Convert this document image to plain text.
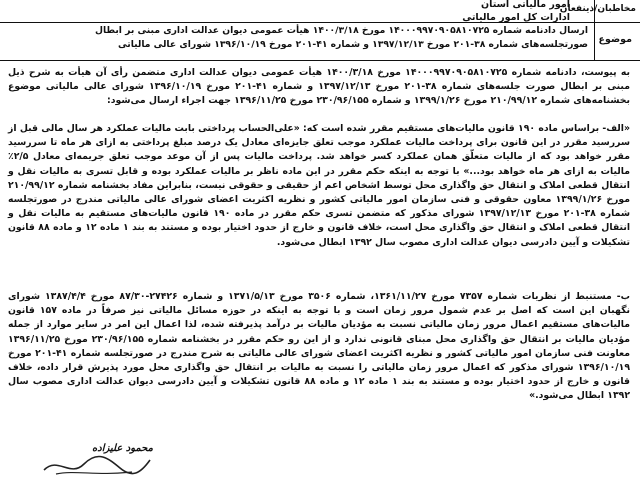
مخاطبان/ذینفعان
امور مالیاتی استان
ادارات کل امور مالیاتی
موضوع
ارسال دادنامه شماره ۱۴۰۰۰۹۹۷۰۹۰۵۸۱۰۷۲۵ مورخ ۱۴۰۰/۳/۱۸ هیأت عمومی دیوان عدالت اداری مبنی بر ابطال
صورتجلسه‌های شماره ۳۸-۲۰۱ مورخ ۱۳۹۷/۱۲/۱۳ و شماره ۴۱-۲۰۱ مورخ ۱۳۹۶/۱۰/۱۹ شورای عالی مالیاتی
به پیوست، دادنامه شماره ۱۴۰۰۰۹۹۷۰۹۰۵۸۱۰۷۲۵ مورخ ۱۴۰۰/۳/۱۸ هیأت عمومی دیوان عدالت اداری متضمن رأی آن هیأت به شرح ذیل مبنی بر ابطال صورت جلسه‌های شماره ۳۸-۲۰۱ مورخ ۱۳۹۷/۱۲/۱۳ و شماره ۴۱-۲۰۱ مورخ ۱۳۹۶/۱۰/۱۹ شورای عالی مالیاتی موضوع بخشنامه‌های شماره ۲۱۰/۹۹/۱۲ مورخ ۱۳۹۹/۱/۲۶ و شماره ۲۳۰/۹۶/۱۵۵ مورخ ۱۳۹۶/۱۱/۲۵ جهت اجراء ارسال می‌شود:
«الف- براساس ماده ۱۹۰ قانون مالیات‌های مستقیم مقرر شده است که: «علی‌الحساب پرداختی بابت مالیات عملکرد هر سال مالی قبل از سررسید مقرر در این قانون برای پرداخت مالیات عملکرد موجب تعلق جایزه‌ای معادل یک درصد مبلغ پرداختی به ازای هر ماه تا سررسید مقرر خواهد بود که از مالیات متعلّق همان عملکرد کسر خواهد شد. پرداخت مالیات پس از آن موعد موجب تعلق جریمه‌ای معادل ۲/۵٪ مالیات به ازای هر ماه خواهد بود...» با توجه به اینکه حکم مقرر در این ماده ناظر بر مالیات عملکرد بوده و قابل تسری به مالیات نقل و انتقال قطعی املاک و انتقال حق واگذاری محل توسط اشخاص اعم از حقیقی و حقوقی نیست، بنابراین مفاد بخشنامه شماره ۲۱۰/۹۹/۱۲ مورخ ۱۳۹۹/۱/۲۶ معاون حقوقی و فنی سازمان امور مالیاتی کشور و نظریه اکثریت اعضای شورای عالی مالیاتی مندرج در صورتجلسه شماره ۳۸-۲۰۱ مورخ ۱۳۹۷/۱۲/۱۳ شورای مذکور که متضمن تسری حکم مقرر در ماده ۱۹۰ قانون مالیات‌های مستقیم به مالیات نقل و انتقال قطعی املاک و انتقال حق واگذاری محل است، خلاف قانون و خارج از حدود اختیار بوده و مستند به بند ۱ ماده ۱۲ و ماده ۸۸ قانون تشکیلات و آیین دادرسی دیوان عدالت اداری مصوب سال ۱۳۹۲ ابطال می‌شود.
ب- مستنبط از نظریات شماره ۷۳۵۷ مورخ ۱۳۶۱/۱۱/۲۷، شماره ۳۵۰۶ مورخ ۱۳۷۱/۵/۱۳ و شماره ۲۷۴۲۶-۸۷/۳۰ مورخ ۱۳۸۷/۴/۴ شورای نگهبان این است که اصل بر عدم شمول مرور زمان است و با توجه به اینکه در حوزه مسائل مالیاتی نیز صرفاً در ماده ۱۵۷ قانون مالیات‌های مستقیم اعمال مرور زمان مالیاتی نسبت به مؤدیان مالیات بر درآمد پذیرفته شده، لذا اعمال این امر در سایر موارد از جمله مؤدیان مالیات بر انتقال حق واگذاری محل مبنای قانونی ندارد و از این رو حکم مقرر در بخشنامه شماره ۲۳۰/۹۶/۱۵۵ مورخ ۱۳۹۶/۱۱/۲۵ معاونت فنی سازمان امور مالیاتی کشور و نظریه اکثریت اعضای شورای عالی مالیاتی به شرح مندرج در صورتجلسه شماره ۴۱-۲۰۱ مورخ ۱۳۹۶/۱۰/۱۹ شورای مذکور که اعمال مرور زمان مالیاتی را نسبت به مالیات بر انتقال حق واگذاری محل مورد پذیرش قرار داده، خلاف قانون و خارج از حدود اختیار بوده و مستند به بند ۱ ماده ۱۲ و ماده ۸۸ قانون تشکیلات و آیین دادرسی دیوان عدالت اداری مصوب سال ۱۳۹۲ ابطال می‌شود.»
محمود علیزاده
